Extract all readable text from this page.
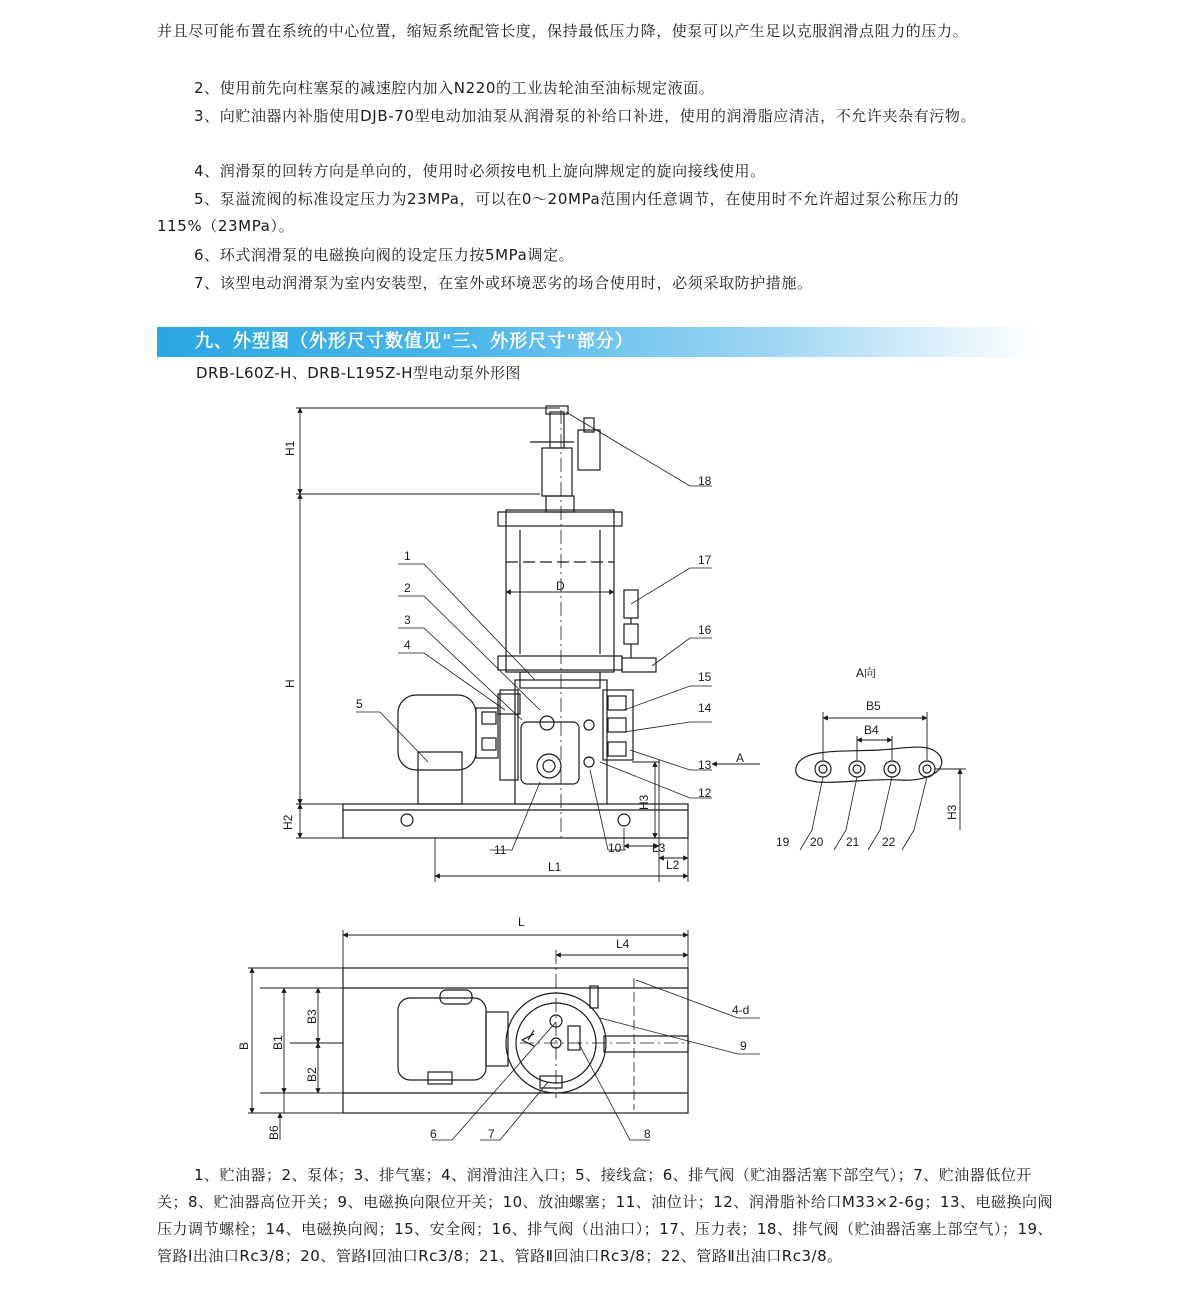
并且尽可能布置在系统的中心位置，缩短系统配管长度，保持最低压力降，使泵可以产生足以克服润滑点阻力的压力。

2、使用前先向柱塞泵的减速腔内加入N220的工业齿轮油至油标规定液面。

3、向贮油器内补脂使用DJB-70型电动加油泵从润滑泵的补给口补进，使用的润滑脂应清洁，不允许夹杂有污物。

4、润滑泵的回转方向是单向的，使用时必须按电机上旋向牌规定的旋向接线使用。

5、泵溢流阀的标准设定压力为23MPa，可以在0～20MPa范围内任意调节，在使用时不允许超过泵公称压力的115%（23MPa）。

6、环式润滑泵的电磁换向阀的设定压力按5MPa调定。

7、该型电动润滑泵为室内安装型，在室外或环境恶劣的场合使用时，必须采取防护措施。

九、外型图（外形尺寸数值见"三、外形尺寸"部分）
DRB-L60Z-H、DRB-L195Z-H型电动泵外形图
H1
H
H2
H3
H3
D
L1	L2
L3
L
L4
B B1
B2
B3
B4
B5
B6
4-d
A向
A
1
2
3
4
5
6	7	8
9
10
11
12
13
14
15
16
17
18
19 20 21 22

1、贮油器；2、泵体；3、排气塞；4、润滑油注入口；5、接线盒；6、排气阀（贮油器活塞下部空气）；7、贮油器低位开关；8、贮油器高位开关；9、电磁换向限位开关；10、放油螺塞；11、油位计；12、润滑脂补给口M33×2-6g；13、电磁换向阀压力调节螺栓；14、电磁换向阀；15、安全阀；16、排气阀（出油口）；17、压力表；18、排气阀（贮油器活塞上部空气）；19、管路Ⅰ出油口Rc3/8；20、管路Ⅰ回油口Rc3/8；21、管路Ⅱ回油口Rc3/8；22、管路Ⅱ出油口Rc3/8。
